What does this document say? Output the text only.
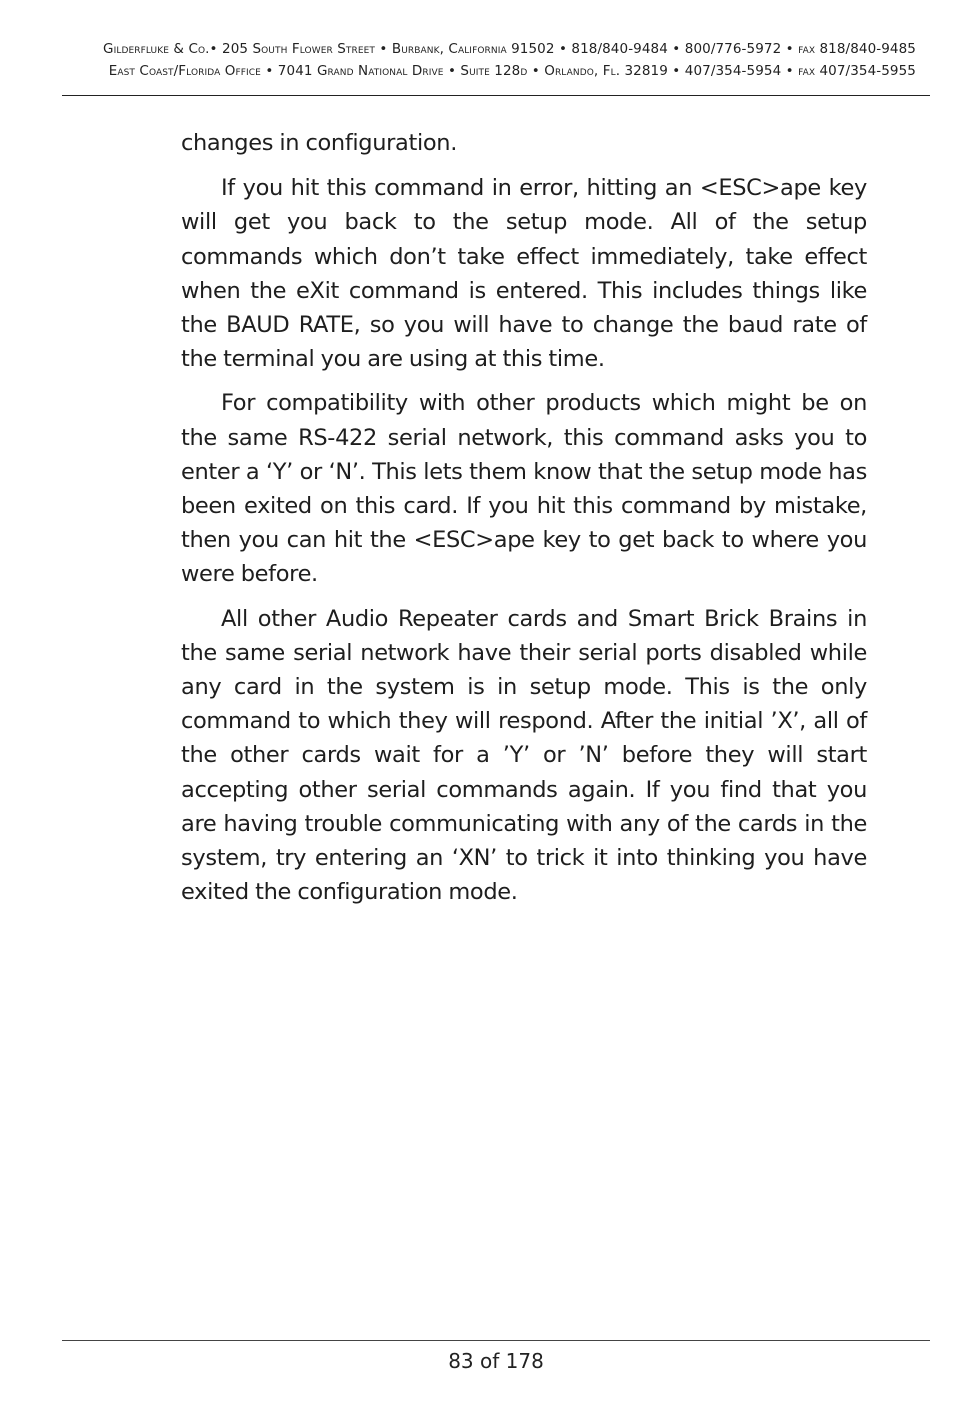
Gilderfluke & Co.• 205 South Flower Street • Burbank, California 91502 • 818/840-9484 • 800/776-5972 • fax 818/840-9485
East Coast/Florida Office • 7041 Grand National Drive • Suite 128d • Orlando, Fl. 32819 • 407/354-5954 • fax 407/354-5955

changes in configuration.

If you hit this command in error, hitting an <ESC>ape key will get you back to the setup mode. All of the setup commands which don’t take effect immediately, take effect when the eXit command is entered. This includes things like the BAUD RATE, so you will have to change the baud rate of the terminal you are using at this time.

For compatibility with other products which might be on the same RS-422 serial network, this command asks you to enter a ‘Y’ or ‘N’. This lets them know that the setup mode has been exited on this card. If you hit this command by mistake, then you can hit the <ESC>ape key to get back to where you were before.

All other Audio Repeater cards and Smart Brick Brains in the same serial network have their serial ports disabled while any card in the system is in setup mode. This is the only command to which they will respond. After the initial ’X’, all of the other cards wait for a ’Y’ or ’N’ before they will start accepting other serial commands again. If you find that you are having trouble communicating with any of the cards in the system, try entering an ‘XN’ to trick it into thinking you have exited the configuration mode.

83 of 178
